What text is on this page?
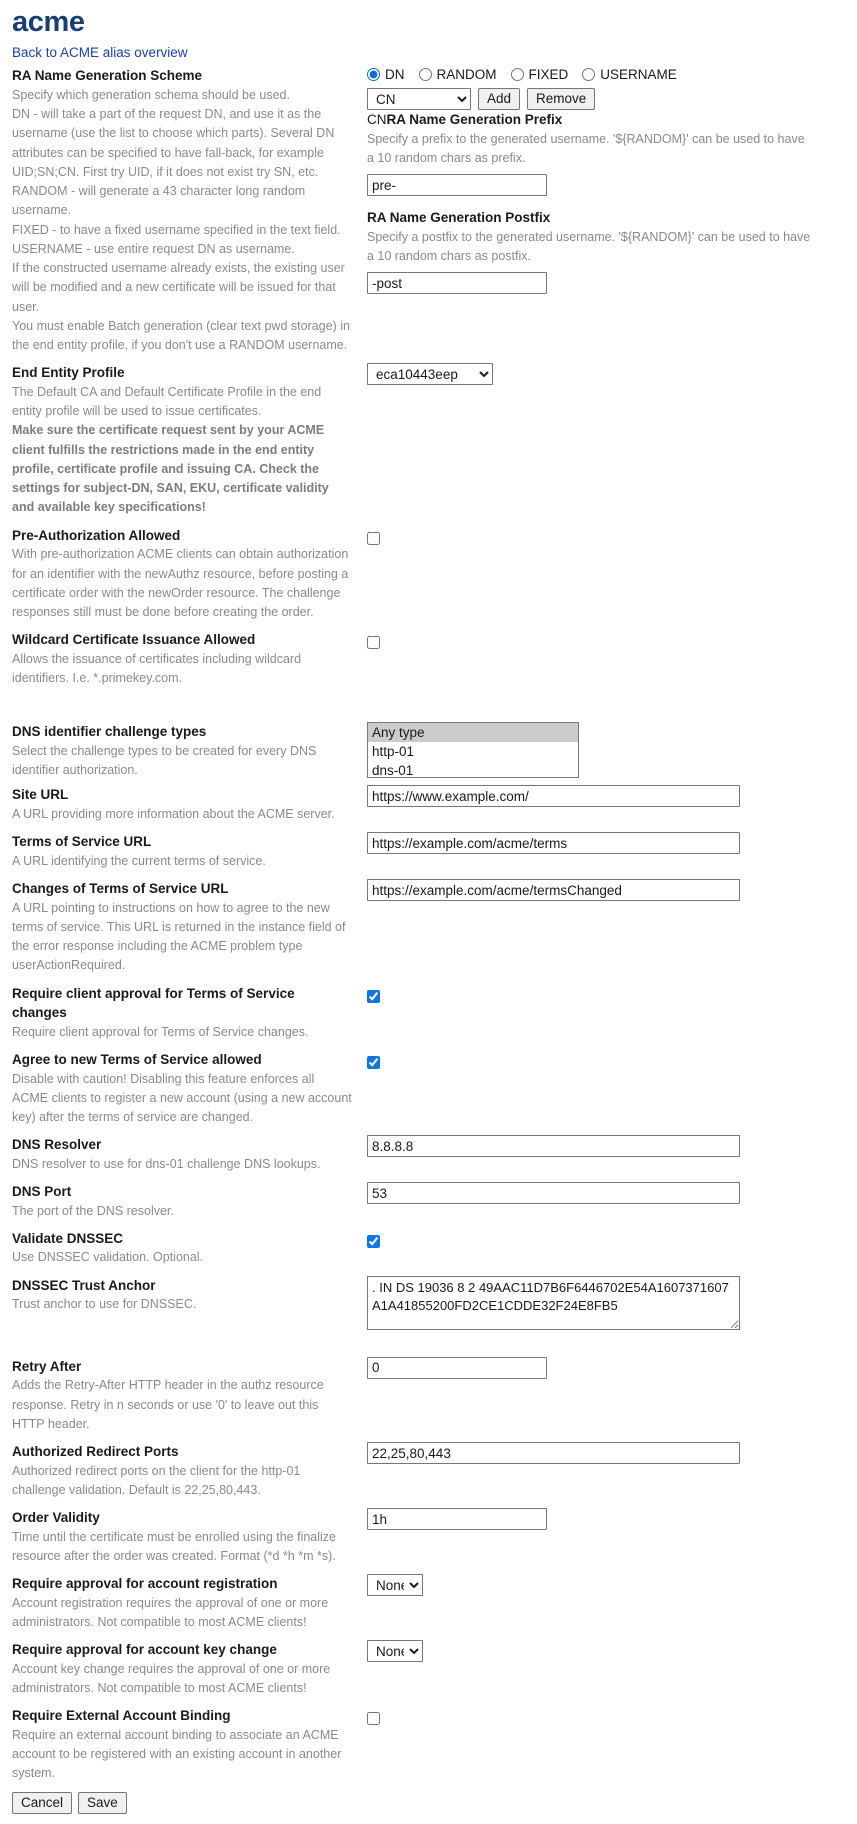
acme
Back to ACME alias overview
RA Name Generation Scheme
Specify which generation schema should be used.
DN - will take a part of the request DN, and use it as the username (use the list to choose which parts). Several DN attributes can be specified to have fall-back, for example UID;SN;CN. First try UID, if it does not exist try SN, etc.
RANDOM - will generate a 43 character long random username.
FIXED - to have a fixed username specified in the text field.
USERNAME - use entire request DN as username.
If the constructed username already exists, the existing user will be modified and a new certificate will be issued for that user.
You must enable Batch generation (clear text pwd storage) in the end entity profile, if you don't use a RANDOM username.
DN RANDOM FIXED USERNAME
CN
Add	Remove
CNRA Name Generation Prefix
Specify a prefix to the generated username. '${RANDOM}' can be used to have a 10 random chars as prefix.
pre-
RA Name Generation Postfix
Specify a postfix to the generated username. '${RANDOM}' can be used to have a 10 random chars as postfix.
-post
End Entity Profile
The Default CA and Default Certificate Profile in the end entity profile will be used to issue certificates.
Make sure the certificate request sent by your ACME client fulfills the restrictions made in the end entity profile, certificate profile and issuing CA. Check the settings for subject-DN, SAN, EKU, certificate validity and available key specifications!
eca10443eep
Pre-Authorization Allowed
With pre-authorization ACME clients can obtain authorization for an identifier with the newAuthz resource, before posting a certificate order with the newOrder resource. The challenge responses still must be done before creating the order.
Wildcard Certificate Issuance Allowed
Allows the issuance of certificates including wildcard identifiers. I.e. *.primekey.com.
DNS identifier challenge types
Select the challenge types to be created for every DNS identifier authorization.
Any type
http-01
dns-01
Site URL
A URL providing more information about the ACME server.
https://www.example.com/
Terms of Service URL
A URL identifying the current terms of service.
https://example.com/acme/terms
Changes of Terms of Service URL
A URL pointing to instructions on how to agree to the new terms of service. This URL is returned in the instance field of the error response including the ACME problem type userActionRequired.
https://example.com/acme/termsChanged
Require client approval for Terms of Service changes
Require client approval for Terms of Service changes.
Agree to new Terms of Service allowed
Disable with caution! Disabling this feature enforces all ACME clients to register a new account (using a new account key) after the terms of service are changed.
DNS Resolver
DNS resolver to use for dns-01 challenge DNS lookups.
8.8.8.8
DNS Port
The port of the DNS resolver.
53
Validate DNSSEC
Use DNSSEC validation. Optional.
DNSSEC Trust Anchor
Trust anchor to use for DNSSEC.
. IN DS 19036 8 2 49AAC11D7B6F6446702E54A1607371607A1A41855200FD2CE1CDDE32F24E8FB5
Retry After
Adds the Retry-After HTTP header in the authz resource response. Retry in n seconds or use '0' to leave out this HTTP header.
0
Authorized Redirect Ports
Authorized redirect ports on the client for the http-01 challenge validation. Default is 22,25,80,443.
22,25,80,443
Order Validity
Time until the certificate must be enrolled using the finalize resource after the order was created. Format (*d *h *m *s).
1h
Require approval for account registration
Account registration requires the approval of one or more administrators. Not compatible to most ACME clients!
None
Require approval for account key change
Account key change requires the approval of one or more administrators. Not compatible to most ACME clients!
None
Require External Account Binding
Require an external account binding to associate an ACME account to be registered with an existing account in another system.
Cancel	Save
